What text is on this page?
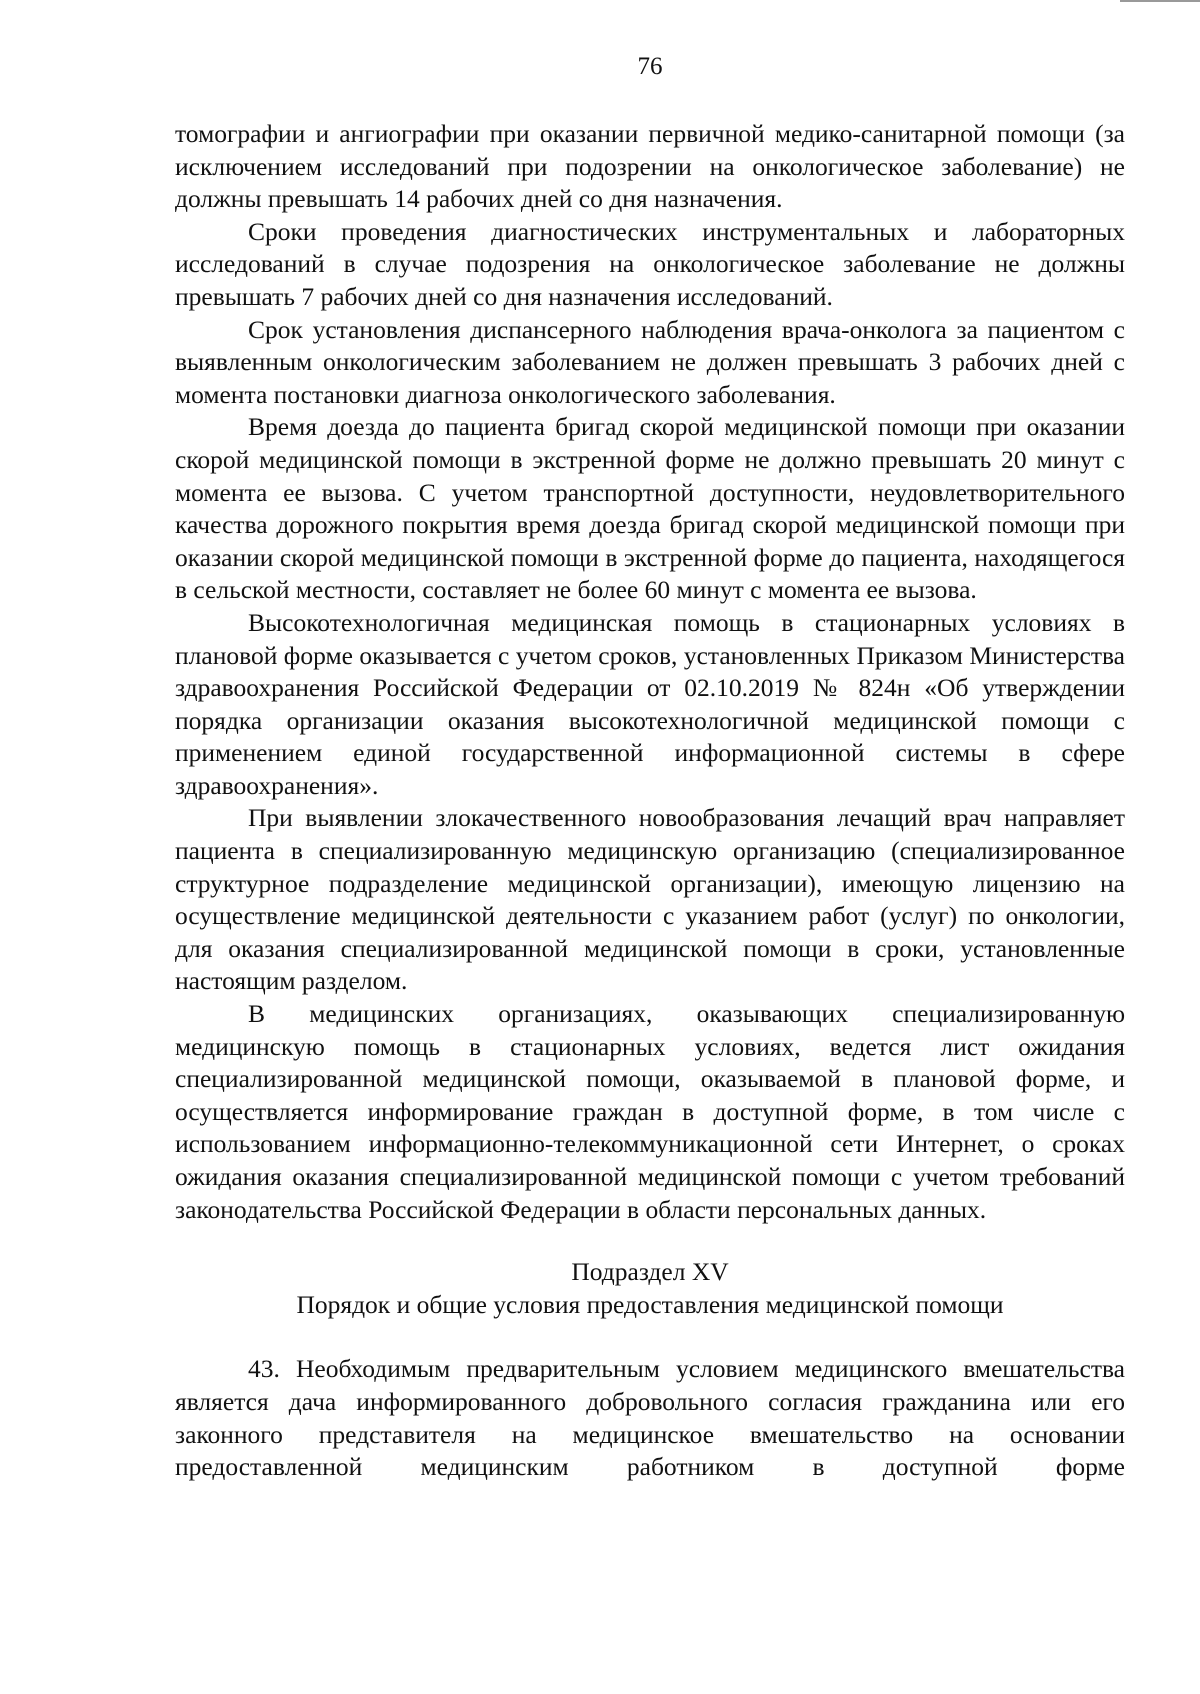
76

томографии и ангиографии при оказании первичной медико-санитарной помощи (за исключением исследований при подозрении на онкологическое заболевание) не должны превышать 14 рабочих дней со дня назначения.

Сроки проведения диагностических инструментальных и лабораторных исследований в случае подозрения на онкологическое заболевание не должны превышать 7 рабочих дней со дня назначения исследований.

Срок установления диспансерного наблюдения врача-онколога за пациентом с выявленным онкологическим заболеванием не должен превышать 3 рабочих дней с момента постановки диагноза онкологического заболевания.

Время доезда до пациента бригад скорой медицинской помощи при оказании скорой медицинской помощи в экстренной форме не должно превышать 20 минут с момента ее вызова. С учетом транспортной доступности, неудовлетворительного качества дорожного покрытия время доезда бригад скорой медицинской помощи при оказании скорой медицинской помощи в экстренной форме до пациента, находящегося в сельской местности, составляет не более 60 минут с момента ее вызова.

Высокотехнологичная медицинская помощь в стационарных условиях в плановой форме оказывается с учетом сроков, установленных Приказом Министерства здравоохранения Российской Федерации от 02.10.2019 № 824н «Об утверждении порядка организации оказания высокотехнологичной медицинской помощи с применением единой государственной информационной системы в сфере здравоохранения».

При выявлении злокачественного новообразования лечащий врач направляет пациента в специализированную медицинскую организацию (специализированное структурное подразделение медицинской организации), имеющую лицензию на осуществление медицинской деятельности с указанием работ (услуг) по онкологии, для оказания специализированной медицинской помощи в сроки, установленные настоящим разделом.

В медицинских организациях, оказывающих специализированную медицинскую помощь в стационарных условиях, ведется лист ожидания специализированной медицинской помощи, оказываемой в плановой форме, и осуществляется информирование граждан в доступной форме, в том числе с использованием информационно-телекоммуникационной сети Интернет, о сроках ожидания оказания специализированной медицинской помощи с учетом требований законодательства Российской Федерации в области персональных данных.

Подраздел XV

Порядок и общие условия предоставления медицинской помощи

43. Необходимым предварительным условием медицинского вмешательства является дача информированного добровольного согласия гражданина или его законного представителя на медицинское вмешательство на основании предоставленной медицинским работником в доступной форме
